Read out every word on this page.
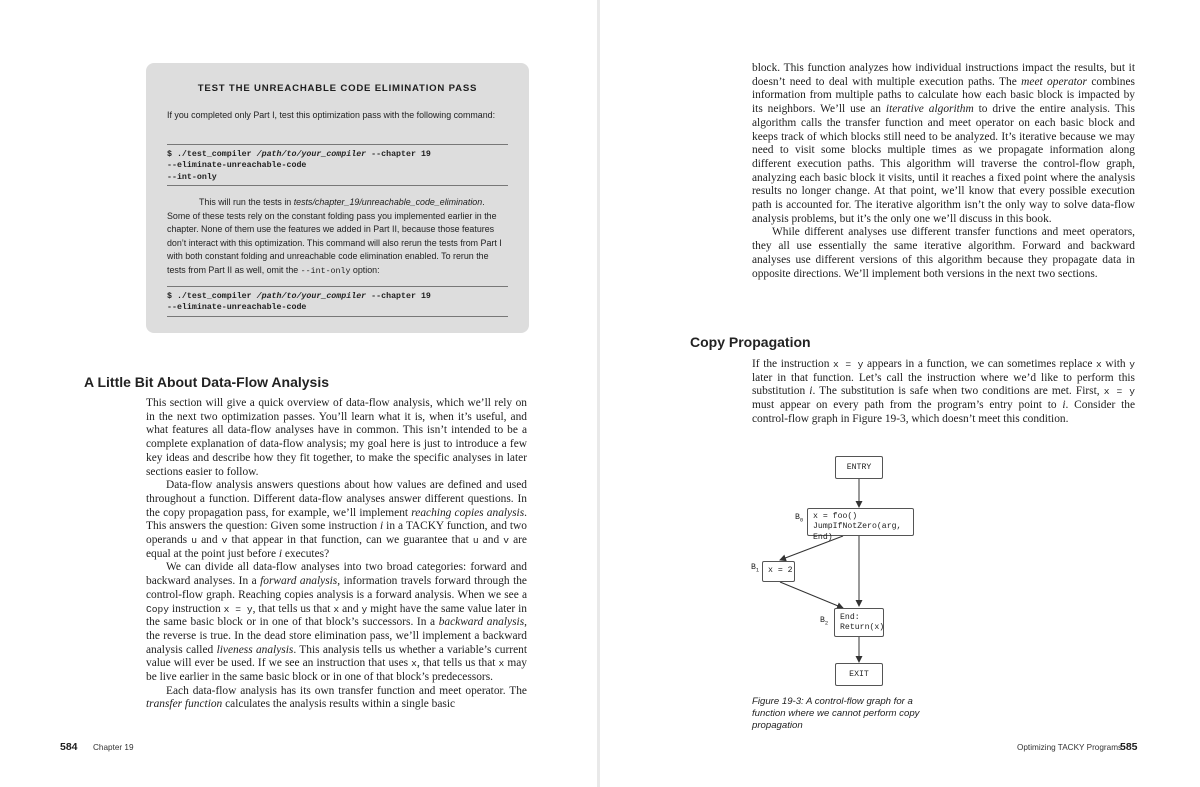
TEST THE UNREACHABLE CODE ELIMINATION PASS
If you completed only Part I, test this optimization pass with the following command:
$ ./test_compiler /path/to/your_compiler --chapter 19
--eliminate-unreachable-code
--int-only
This will run the tests in tests/chapter_19/unreachable_code_elimination. Some of these tests rely on the constant folding pass you implemented earlier in the chapter. None of them use the features we added in Part II, because those features don’t interact with this optimization. This command will also rerun the tests from Part I with both constant folding and unreachable code elimination enabled. To rerun the tests from Part II as well, omit the --int-only option:
$ ./test_compiler /path/to/your_compiler --chapter 19
--eliminate-unreachable-code
A Little Bit About Data-Flow Analysis

This section will give a quick overview of data-flow analysis, which we’ll rely on in the next two optimization passes. You’ll learn what it is, when it’s useful, and what features all data-flow analyses have in common. This isn’t intended to be a complete explanation of data-flow analysis; my goal here is just to introduce a few key ideas and describe how they fit together, to make the specific analyses in later sections easier to follow.

Data-flow analysis answers questions about how values are defined and used throughout a function. Different data-flow analyses answer different questions. In the copy propagation pass, for example, we’ll implement reaching copies analysis. This answers the question: Given some instruction i in a TACKY function, and two operands u and v that appear in that function, can we guarantee that u and v are equal at the point just before i executes?

We can divide all data-flow analyses into two broad categories: forward and backward analyses. In a forward analysis, information travels forward through the control-flow graph. Reaching copies analysis is a forward analysis. When we see a Copy instruction x = y, that tells us that x and y might have the same value later in the same basic block or in one of that block’s successors. In a backward analysis, the reverse is true. In the dead store elimination pass, we’ll implement a backward analysis called liveness analysis. This analysis tells us whether a variable’s current value will ever be used. If we see an instruction that uses x, that tells us that x may be live earlier in the same basic block or in one of that block’s predecessors.

Each data-flow analysis has its own transfer function and meet operator. The transfer function calculates the analysis results within a single basic

584 Chapter 19

block. This function analyzes how individual instructions impact the results, but it doesn’t need to deal with multiple execution paths. The meet operator combines information from multiple paths to calculate how each basic block is impacted by its neighbors. We’ll use an iterative algorithm to drive the entire analysis. This algorithm calls the transfer function and meet operator on each basic block and keeps track of which blocks still need to be analyzed. It’s iterative because we may need to visit some blocks multiple times as we propagate information along different execution paths. This algorithm will traverse the control-flow graph, analyzing each basic block it visits, until it reaches a fixed point where the analysis results no longer change. At that point, we’ll know that every possible execution path is accounted for. The iterative algorithm isn’t the only way to solve data-flow analysis problems, but it’s the only one we’ll discuss in this book.

While different analyses use different transfer functions and meet operators, they all use essentially the same iterative algorithm. Forward and backward analyses use different versions of this algorithm because they propagate data in opposite directions. We’ll implement both versions in the next two sections.

Copy Propagation

If the instruction x = y appears in a function, we can sometimes replace x with y later in that function. Let’s call the instruction where we’d like to perform this substitution i. The substitution is safe when two conditions are met. First, x = y must appear on every path from the program’s entry point to i. Consider the control-flow graph in Figure 19-3, which doesn’t meet this condition.

ENTRY
$B_0$ x = foo()
JumpIfNotZero(arg, End)
$B_1$ x = 2
$B_2$
End:
Return(x)
EXIT
Figure 19-3: A control-flow graph for a function where we cannot perform copy propagation
Optimizing TACKY Programs
585
